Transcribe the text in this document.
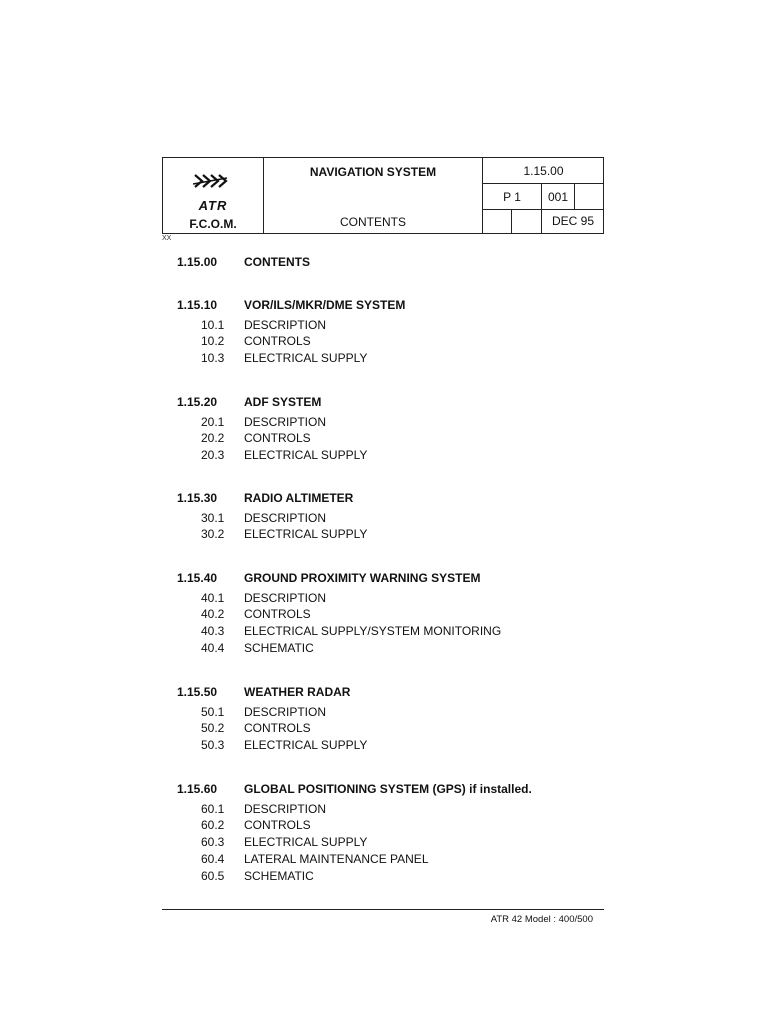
ATR
F.C.O.M.
NAVIGATION SYSTEM
CONTENTS
1.15.00
P 1	001
DEC 95
XX
1.15.00 CONTENTS
1.15.10 VOR/ILS/MKR/DME SYSTEM
10.1 DESCRIPTION
10.2 CONTROLS
10.3 ELECTRICAL SUPPLY
1.15.20 ADF SYSTEM
20.1 DESCRIPTION
20.2 CONTROLS
20.3 ELECTRICAL SUPPLY
1.15.30 RADIO ALTIMETER
30.1 DESCRIPTION
30.2 ELECTRICAL SUPPLY
1.15.40 GROUND PROXIMITY WARNING SYSTEM
40.1 DESCRIPTION
40.2 CONTROLS
40.3 ELECTRICAL SUPPLY/SYSTEM MONITORING
40.4 SCHEMATIC
1.15.50 WEATHER RADAR
50.1 DESCRIPTION
50.2 CONTROLS
50.3 ELECTRICAL SUPPLY
1.15.60 GLOBAL POSITIONING SYSTEM (GPS) if installed.
60.1 DESCRIPTION
60.2 CONTROLS
60.3 ELECTRICAL SUPPLY
60.4 LATERAL MAINTENANCE PANEL
60.5 SCHEMATIC
ATR 42 Model : 400/500
